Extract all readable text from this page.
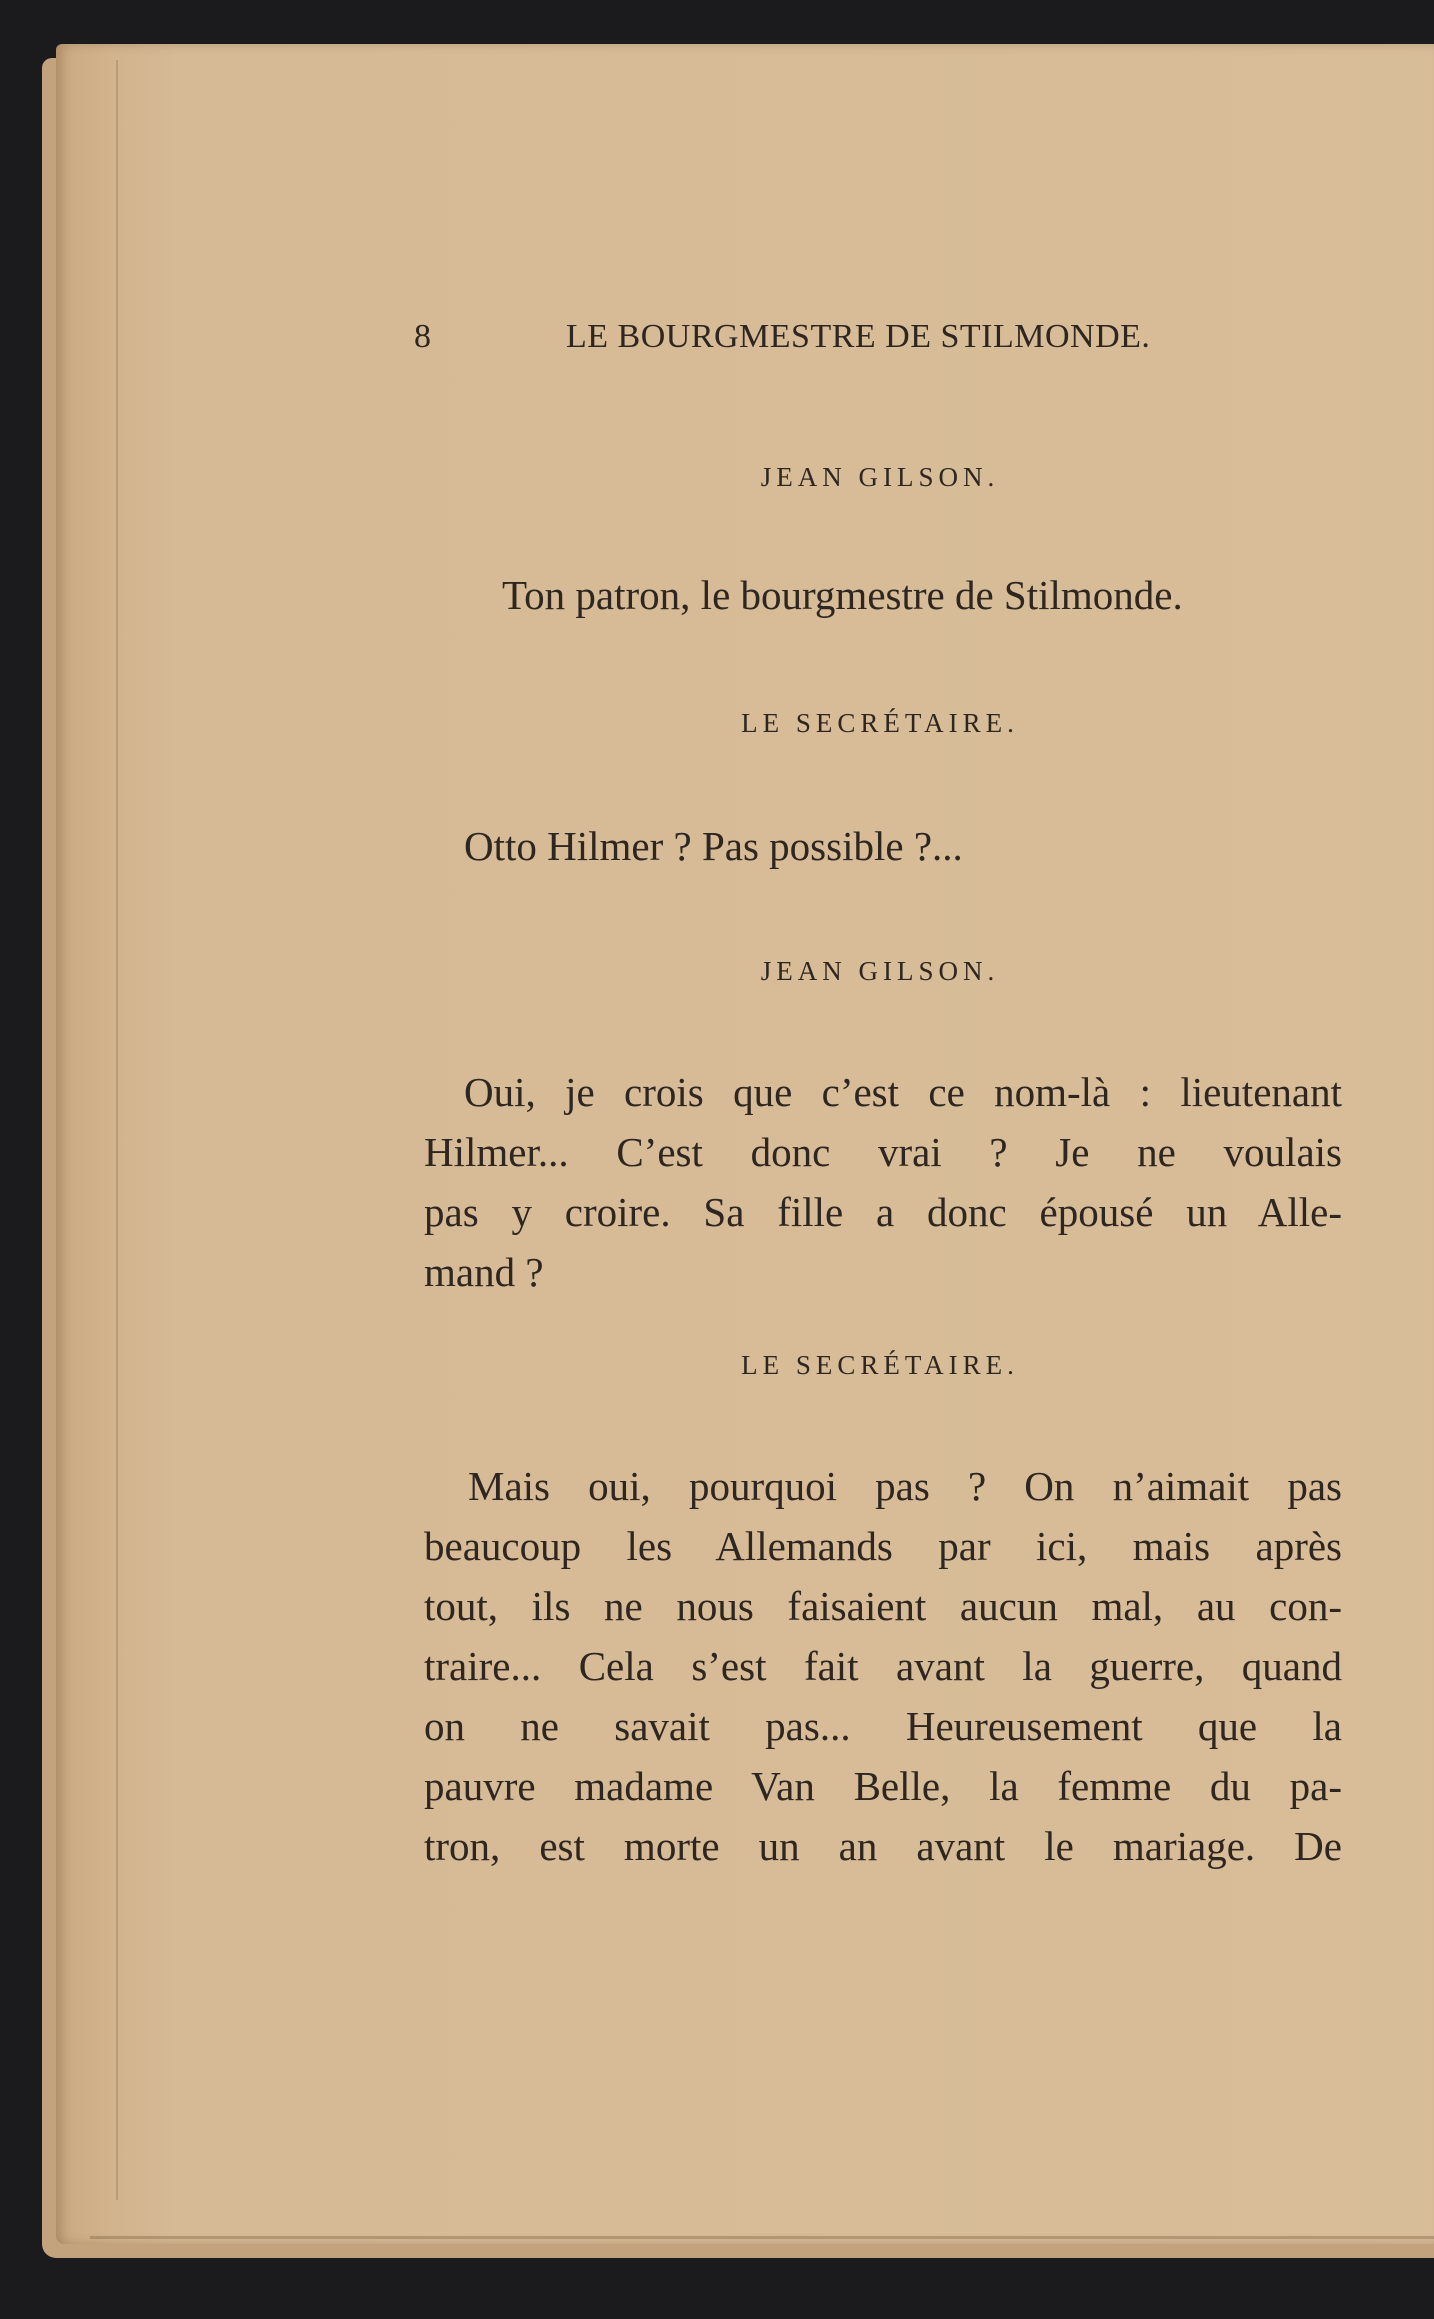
8	LE BOURGMESTRE DE STILMONDE.
JEAN GILSON.
Ton patron, le bourgmestre de Stilmonde.
LE SECRÉTAIRE.
Otto Hilmer ? Pas possible ?...
JEAN GILSON.
Oui, je crois que c’est ce nom-là : lieutenant
Hilmer... C’est donc vrai ? Je ne voulais
pas y croire. Sa fille a donc épousé un Alle-
mand ?
LE SECRÉTAIRE.
Mais oui, pourquoi pas ? On n’aimait pas
beaucoup les Allemands par ici, mais après
tout, ils ne nous faisaient aucun mal, au con-
traire... Cela s’est fait avant la guerre, quand
on ne savait pas... Heureusement que la
pauvre madame Van Belle, la femme du pa-
tron, est morte un an avant le mariage. De
